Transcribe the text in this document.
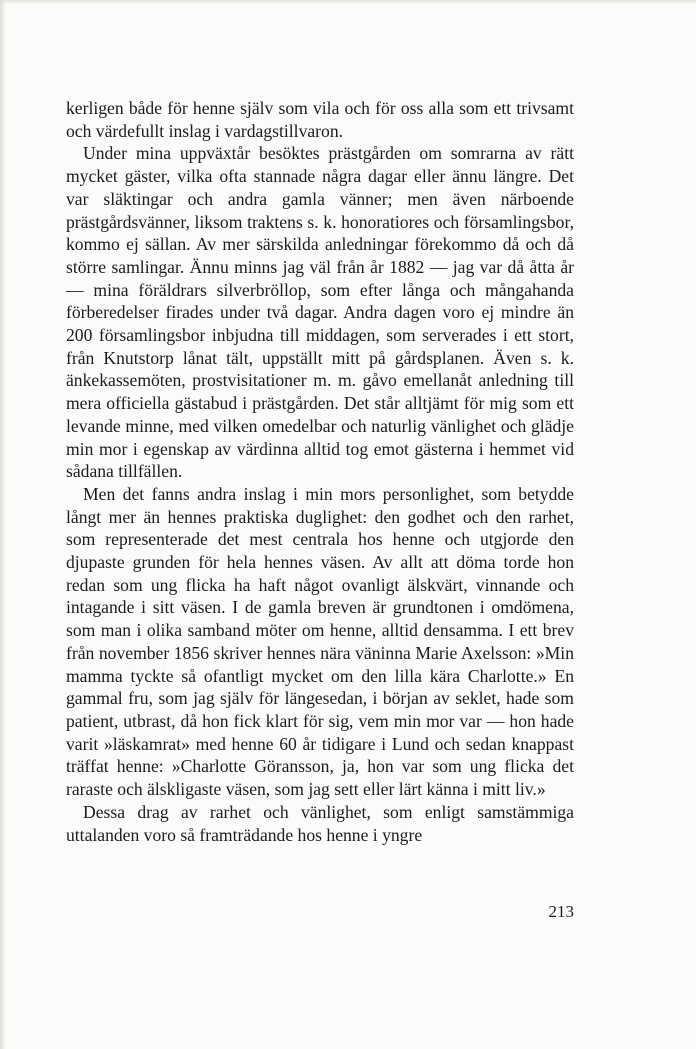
kerligen både för henne själv som vila och för oss alla som ett trivsamt och värdefullt inslag i vardagstillvaron.

Under mina uppväxtår besöktes prästgården om somrarna av rätt mycket gäster, vilka ofta stannade några dagar eller ännu längre. Det var släktingar och andra gamla vänner; men även närboende prästgårdsvänner, liksom traktens s. k. honoratiores och församlingsbor, kommo ej sällan. Av mer särskilda anledningar förekommo då och då större samlingar. Ännu minns jag väl från år 1882 — jag var då åtta år — mina föräldrars silverbröllop, som efter långa och mångahanda förberedelser firades under två dagar. Andra dagen voro ej mindre än 200 församlingsbor inbjudna till middagen, som serverades i ett stort, från Knutstorp lånat tält, uppställt mitt på gårdsplanen. Även s. k. änkekassemöten, prostvisitationer m. m. gåvo emellanåt anledning till mera officiella gästabud i prästgården. Det står alltjämt för mig som ett levande minne, med vilken omedelbar och naturlig vänlighet och glädje min mor i egenskap av värdinna alltid tog emot gästerna i hemmet vid sådana tillfällen.

Men det fanns andra inslag i min mors personlighet, som betydde långt mer än hennes praktiska duglighet: den godhet och den rarhet, som representerade det mest centrala hos henne och utgjorde den djupaste grunden för hela hennes väsen. Av allt att döma torde hon redan som ung flicka ha haft något ovanligt älskvärt, vinnande och intagande i sitt väsen. I de gamla breven är grundtonen i omdömena, som man i olika samband möter om henne, alltid densamma. I ett brev från november 1856 skriver hennes nära väninna Marie Axelsson: »Min mamma tyckte så ofantligt mycket om den lilla kära Charlotte.» En gammal fru, som jag själv för längesedan, i början av seklet, hade som patient, utbrast, då hon fick klart för sig, vem min mor var — hon hade varit »läskamrat» med henne 60 år tidigare i Lund och sedan knappast träffat henne: »Charlotte Göransson, ja, hon var som ung flicka det raraste och älskligaste väsen, som jag sett eller lärt känna i mitt liv.»

Dessa drag av rarhet och vänlighet, som enligt samstämmiga uttalanden voro så framträdande hos henne i yngre

213
